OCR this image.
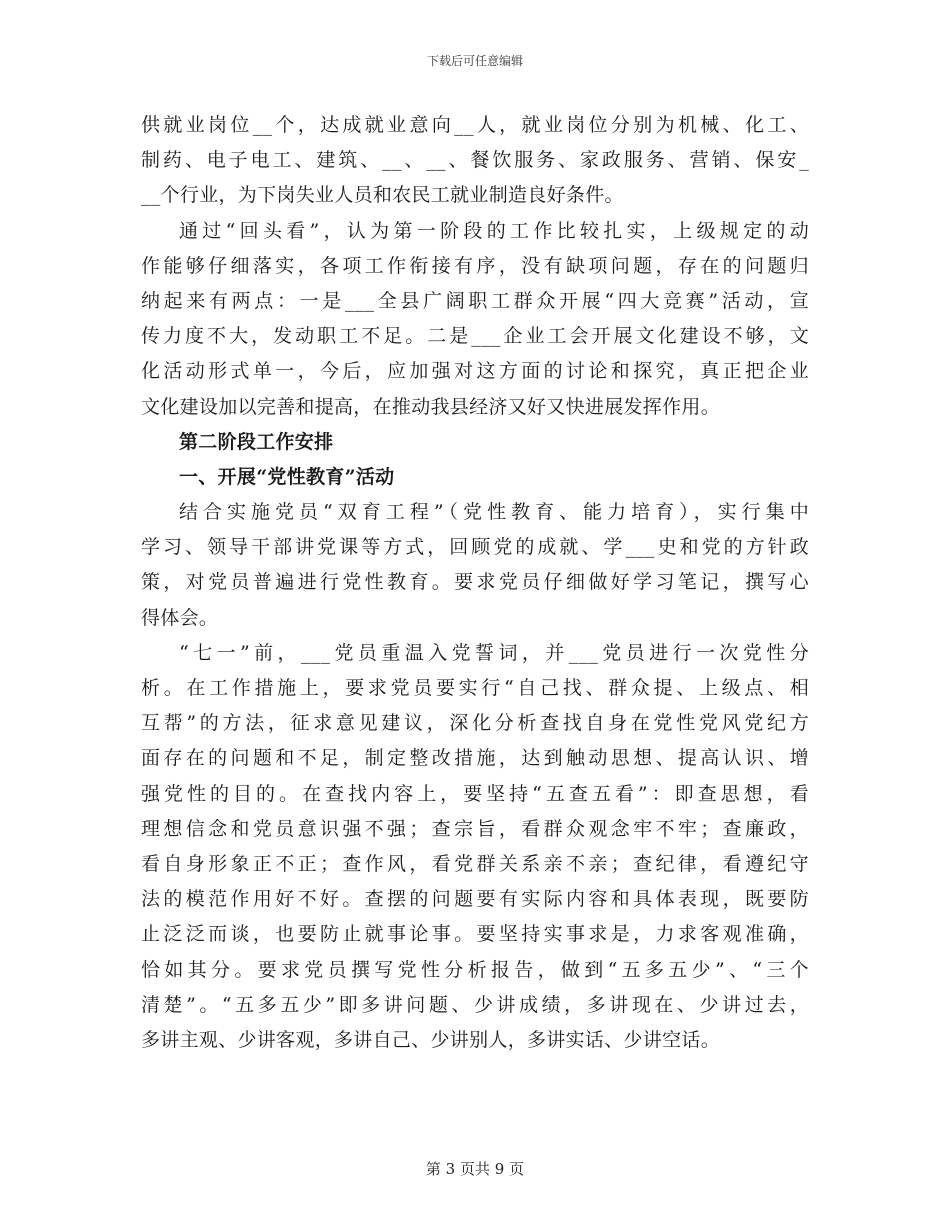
下载后可任意编辑
供就业岗位__个，达成就业意向__人，就业岗位分别为机械、化工、
制药、电子电工、建筑、__、__、餐饮服务、家政服务、营销、保安_
__个行业，为下岗失业人员和农民工就业制造良好条件。
通过“回头看”，认为第一阶段的工作比较扎实，上级规定的动
作能够仔细落实，各项工作衔接有序，没有缺项问题，存在的问题归
纳起来有两点：一是___全县广阔职工群众开展“四大竞赛”活动，宣
传力度不大，发动职工不足。二是___企业工会开展文化建设不够，文
化活动形式单一，今后，应加强对这方面的讨论和探究，真正把企业
文化建设加以完善和提高，在推动我县经济又好又快进展发挥作用。
第二阶段工作安排
一、开展“党性教育”活动
结合实施党员“双育工程”（党性教育、能力培育），实行集中
学习、领导干部讲党课等方式，回顾党的成就、学___史和党的方针政
策，对党员普遍进行党性教育。要求党员仔细做好学习笔记，撰写心
得体会。
“七一”前，___党员重温入党誓词，并___党员进行一次党性分
析。在工作措施上，要求党员要实行“自己找、群众提、上级点、相
互帮”的方法，征求意见建议，深化分析查找自身在党性党风党纪方
面存在的问题和不足，制定整改措施，达到触动思想、提高认识、增
强党性的目的。在查找内容上，要坚持“五查五看”：即查思想，看
理想信念和党员意识强不强；查宗旨，看群众观念牢不牢；查廉政，
看自身形象正不正；查作风，看党群关系亲不亲；查纪律，看遵纪守
法的模范作用好不好。查摆的问题要有实际内容和具体表现，既要防
止泛泛而谈，也要防止就事论事。要坚持实事求是，力求客观准确，
恰如其分。要求党员撰写党性分析报告，做到“五多五少”、“三个
清楚”。“五多五少”即多讲问题、少讲成绩，多讲现在、少讲过去，
多讲主观、少讲客观，多讲自己、少讲别人，多讲实话、少讲空话。
第 3 页共 9 页
